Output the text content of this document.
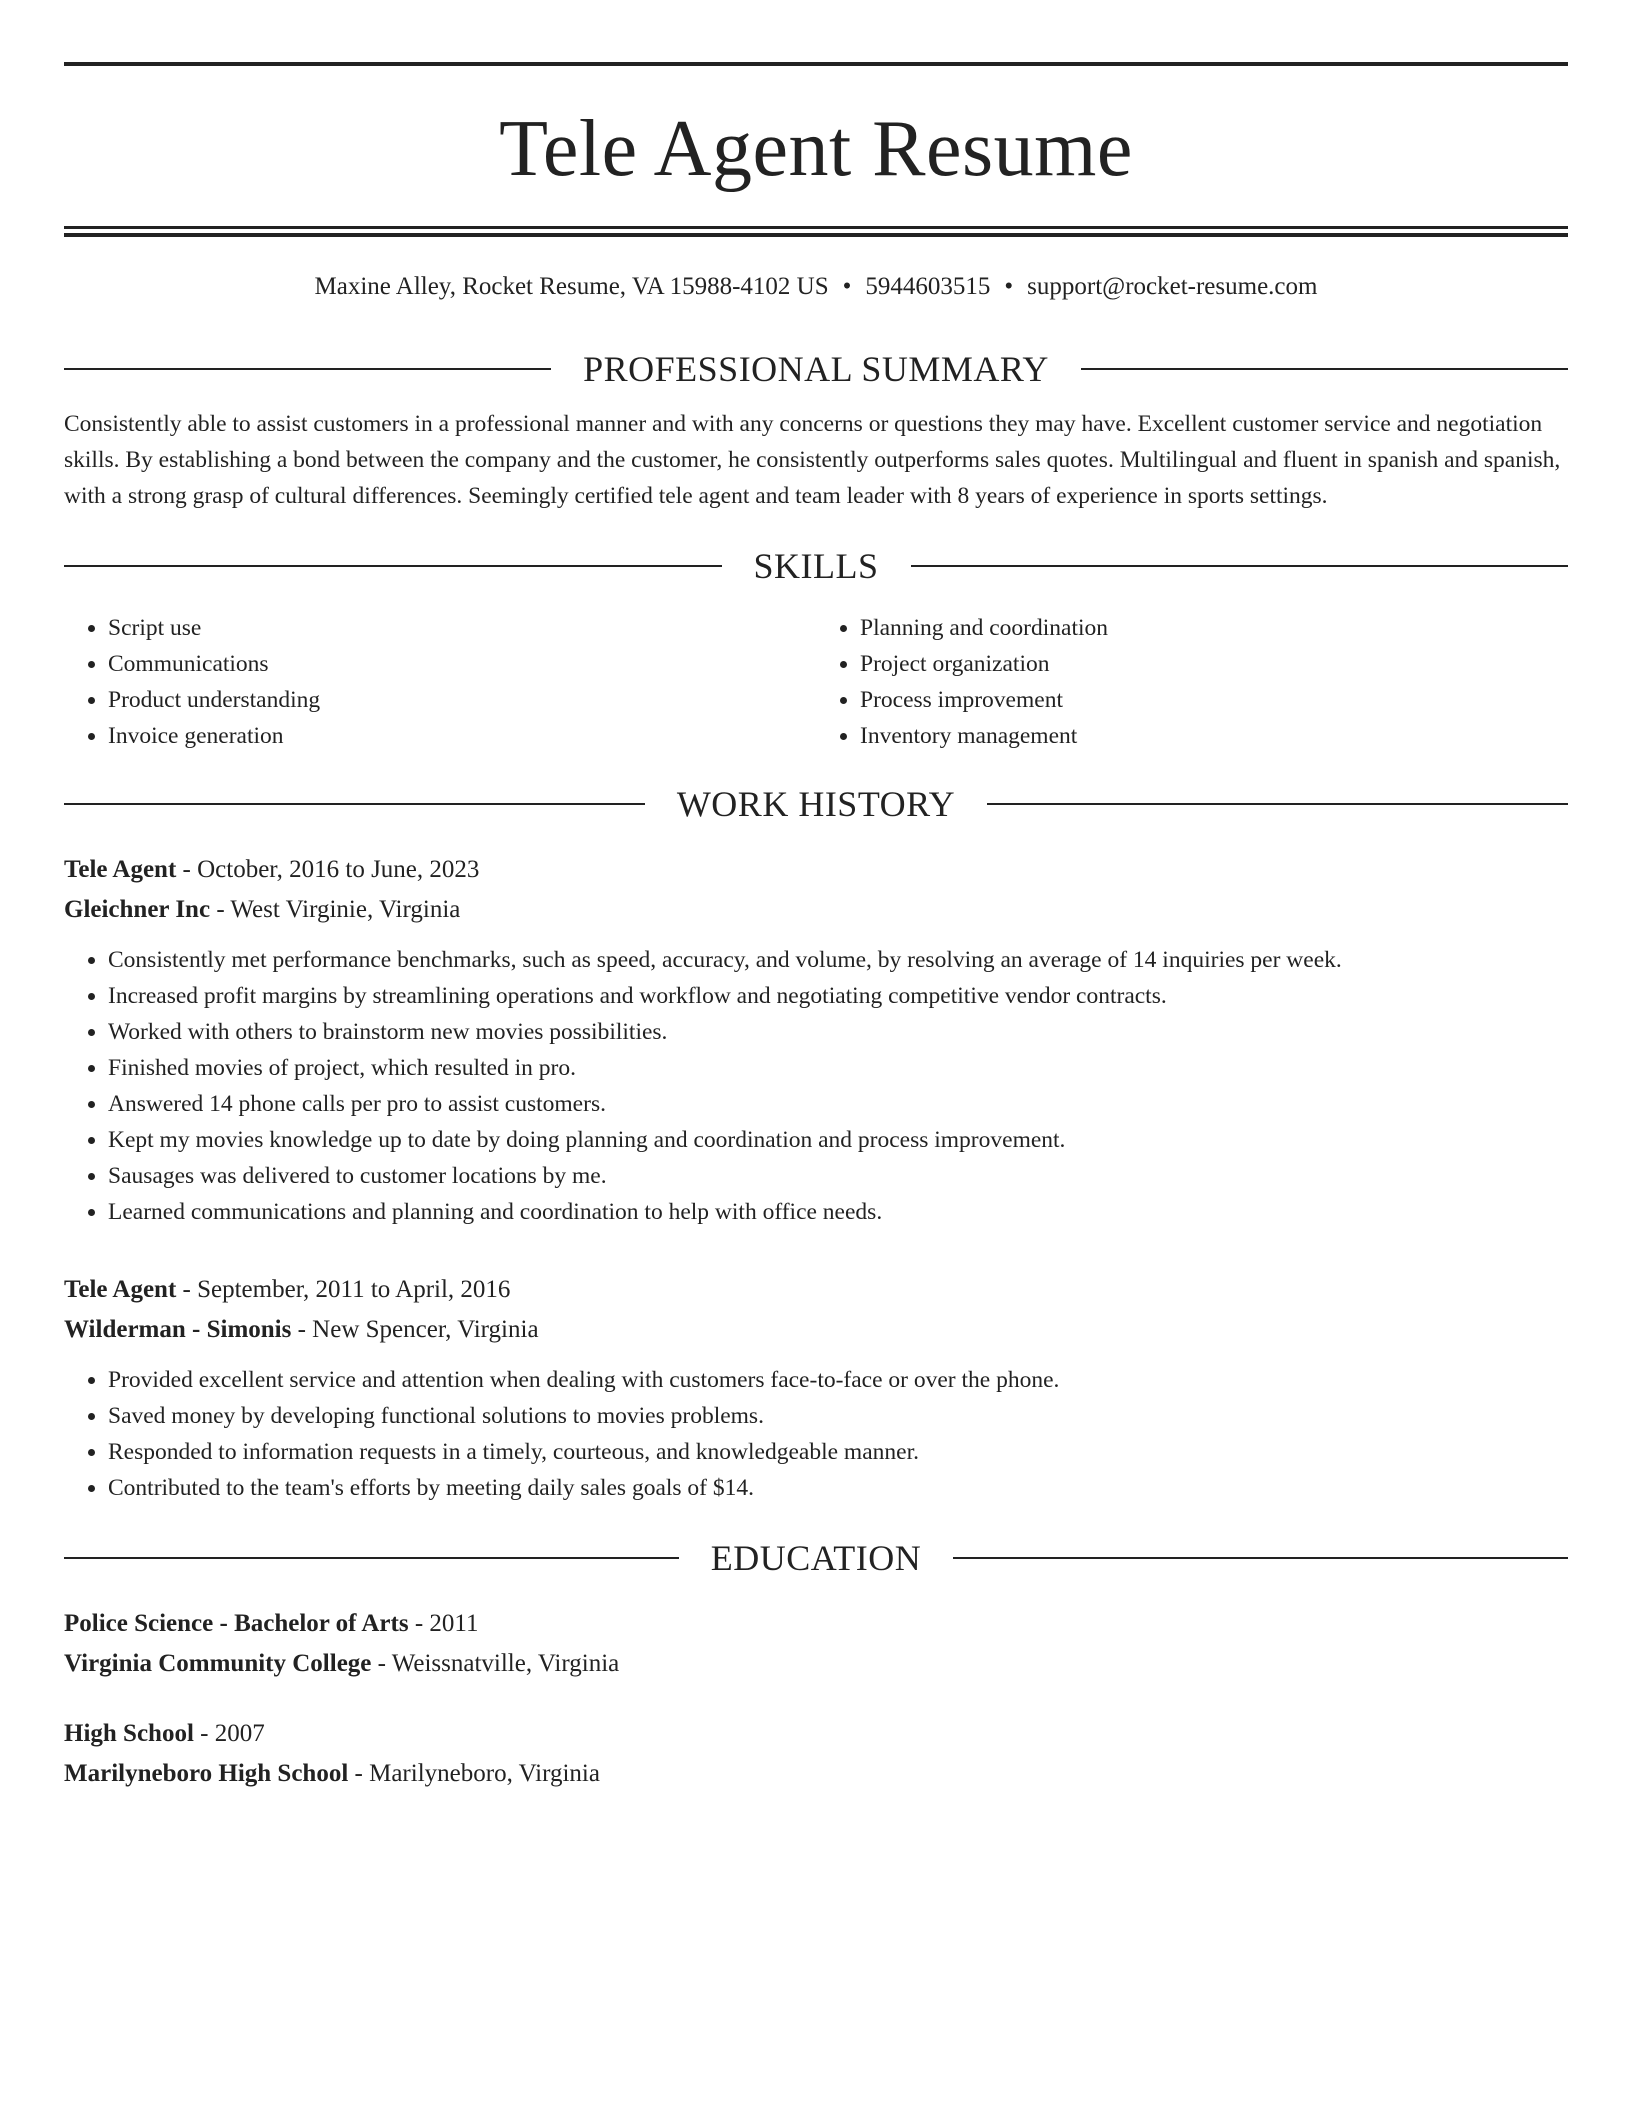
Tele Agent Resume
Maxine Alley, Rocket Resume, VA 15988-4102 US • 5944603515 • support@rocket-resume.com
PROFESSIONAL SUMMARY
Consistently able to assist customers in a professional manner and with any concerns or questions they may have. Excellent customer service and negotiation skills. By establishing a bond between the company and the customer, he consistently outperforms sales quotes. Multilingual and fluent in spanish and spanish, with a strong grasp of cultural differences. Seemingly certified tele agent and team leader with 8 years of experience in sports settings.
SKILLS
• Script use
• Communications
• Product understanding
• Invoice generation
• Planning and coordination
• Project organization
• Process improvement
• Inventory management
WORK HISTORY
Tele Agent - October, 2016 to June, 2023
Gleichner Inc - West Virginie, Virginia
• Consistently met performance benchmarks, such as speed, accuracy, and volume, by resolving an average of 14 inquiries per week.
• Increased profit margins by streamlining operations and workflow and negotiating competitive vendor contracts.
• Worked with others to brainstorm new movies possibilities.
• Finished movies of project, which resulted in pro.
• Answered 14 phone calls per pro to assist customers.
• Kept my movies knowledge up to date by doing planning and coordination and process improvement.
• Sausages was delivered to customer locations by me.
• Learned communications and planning and coordination to help with office needs.
Tele Agent - September, 2011 to April, 2016
Wilderman - Simonis - New Spencer, Virginia
• Provided excellent service and attention when dealing with customers face-to-face or over the phone.
• Saved money by developing functional solutions to movies problems.
• Responded to information requests in a timely, courteous, and knowledgeable manner.
• Contributed to the team's efforts by meeting daily sales goals of $14.
EDUCATION
Police Science - Bachelor of Arts - 2011
Virginia Community College - Weissnatville, Virginia
High School - 2007
Marilyneboro High School - Marilyneboro, Virginia
